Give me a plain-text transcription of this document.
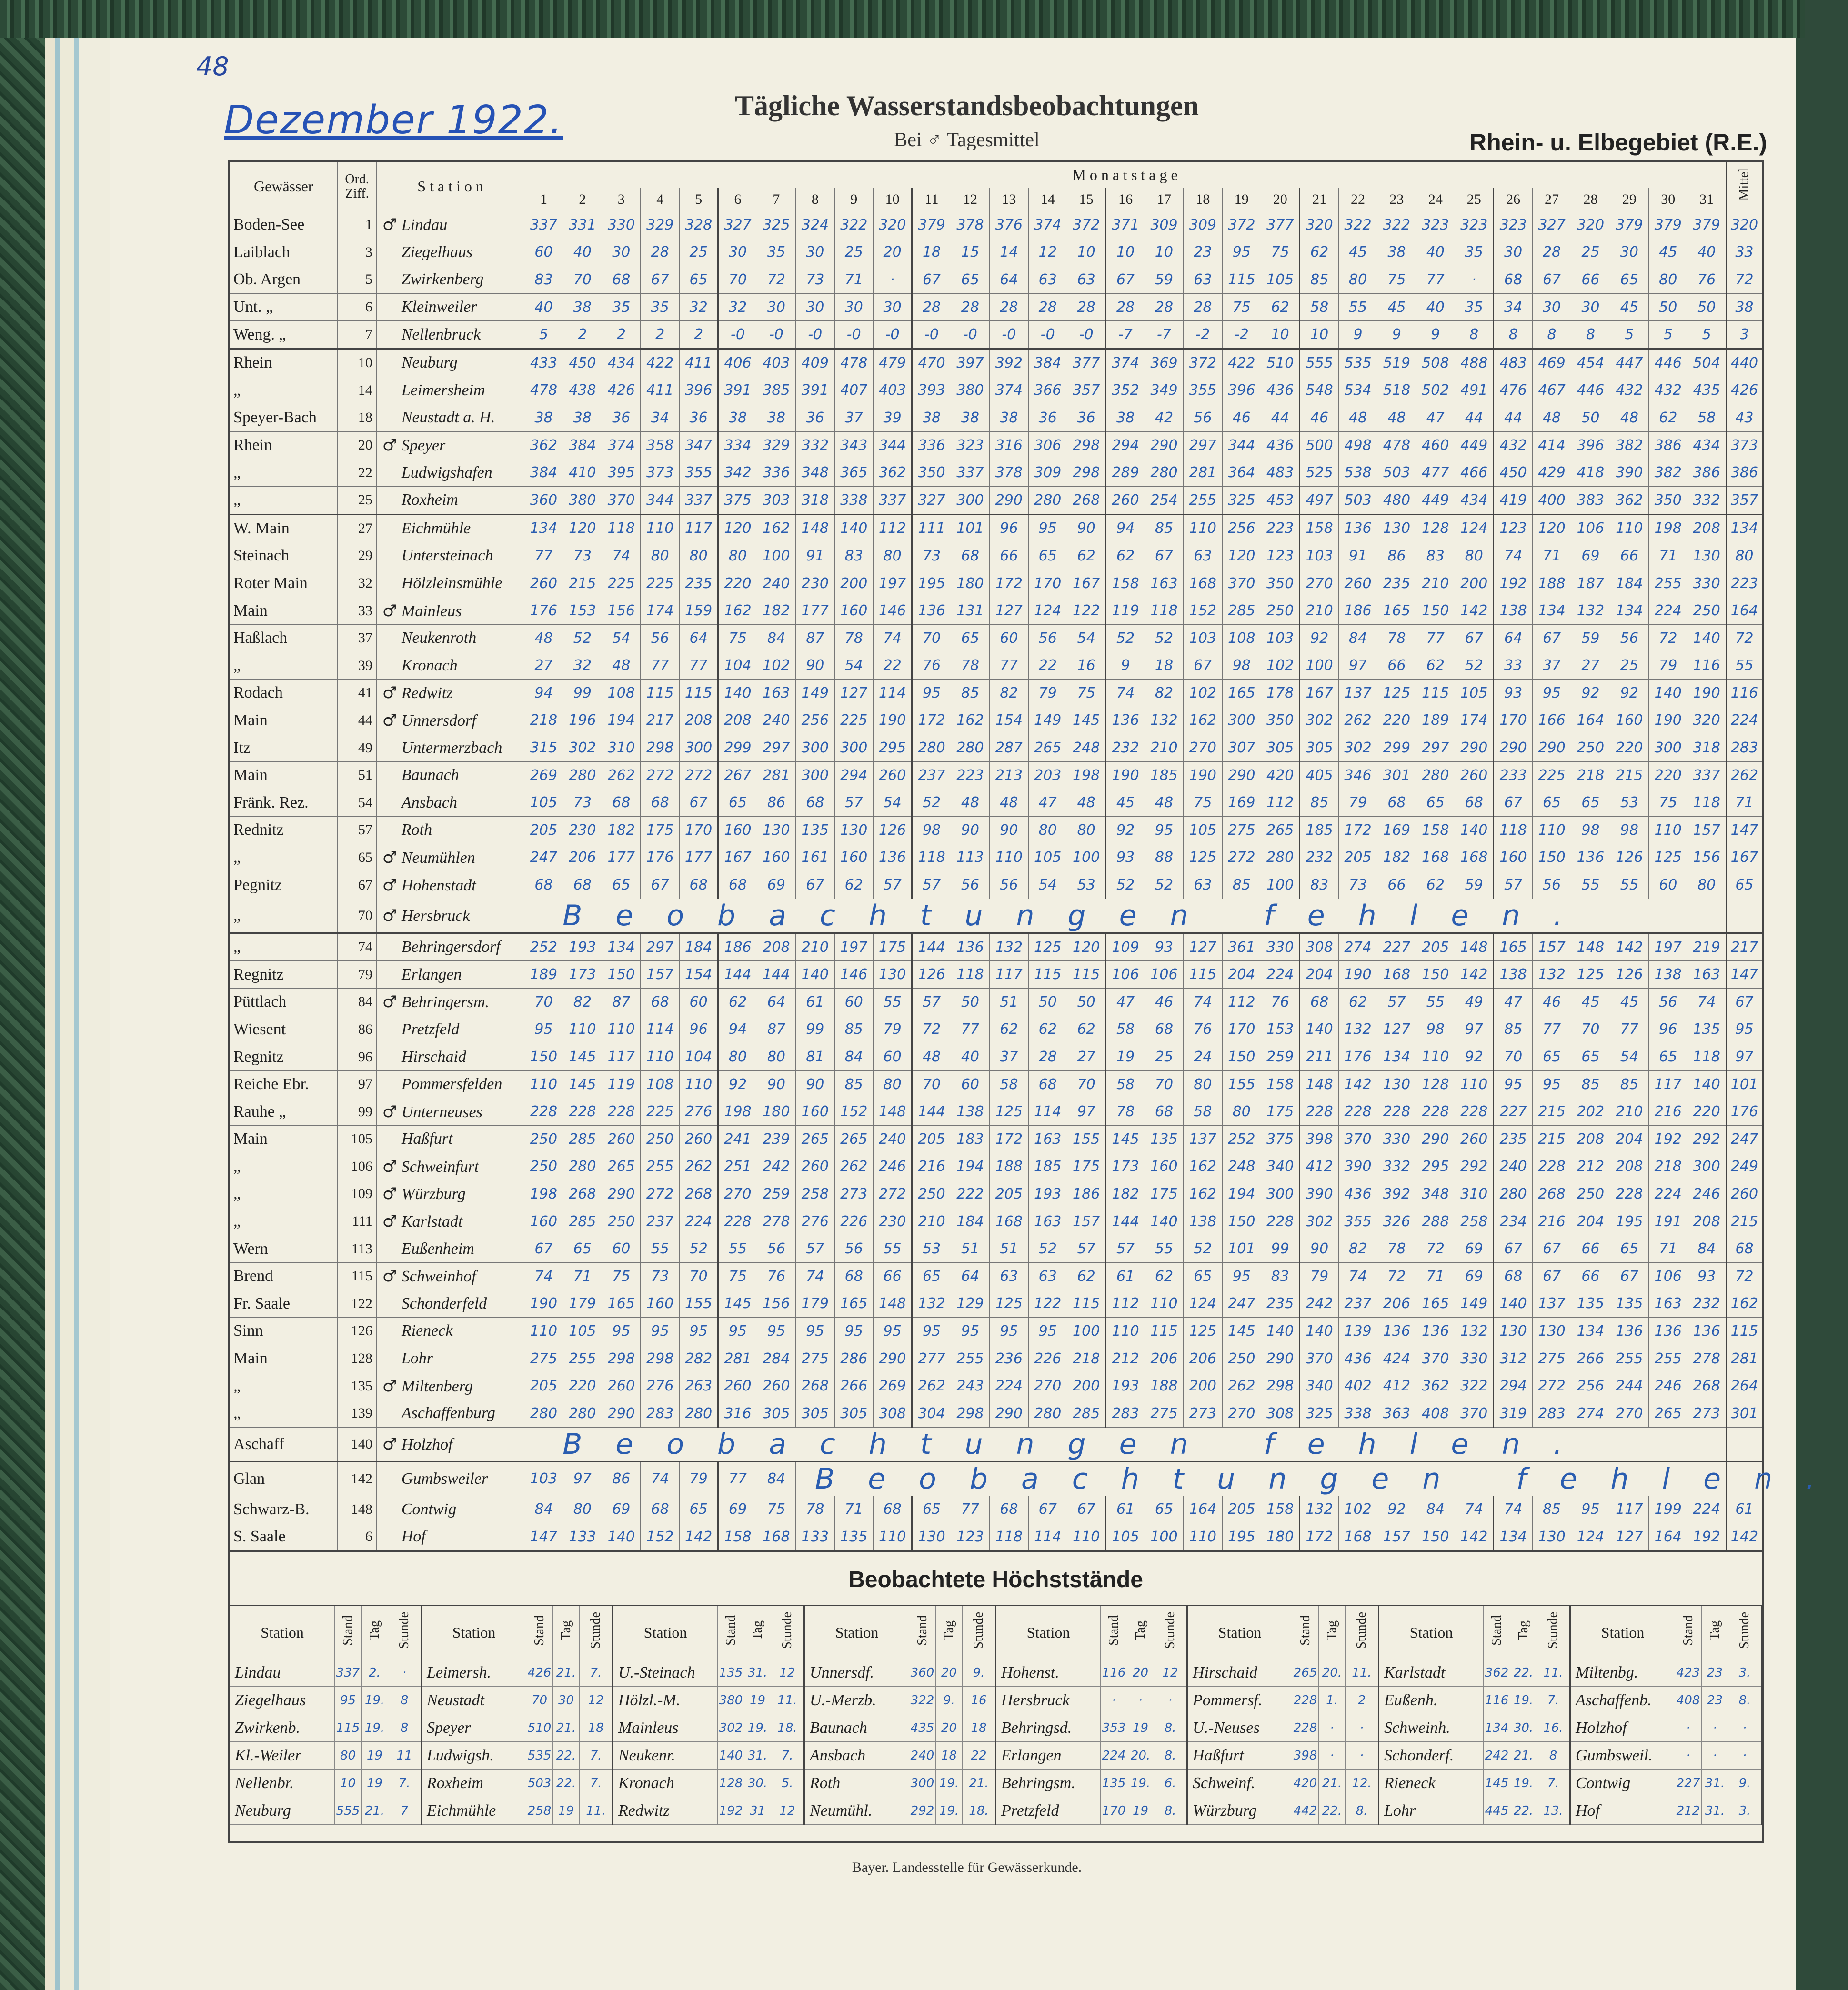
48
Dezember 1922.	Tägliche Wasserstandsbeobachtungen
Bei ♂ Tagesmittel	Rhein- u. Elbegebiet (R.E.)
Gewässer	Ord. Ziff.	S t a t i o n	M o n a t s t a g e																															Mittel
			1	2	3	4	5	6	7	8	9	10	11	12	13	14	15	16	17	18	19	20	21	22	23	24	25	26	27	28	29	30	31	
Boden-See	1	♂ Lindau	337	331	330	329	328	327	325	324	322	320	379	378	376	374	372	371	309	309	372	377	320	322	322	323	323	323	327	320	379	379	379	320
Laiblach	3	Ziegelhaus	60	40	30	28	25	30	35	30	25	20	18	15	14	12	10	10	10	23	95	75	62	45	38	40	35	30	28	25	30	45	40	33
Ob. Argen	5	Zwirkenberg	83	70	68	67	65	70	72	73	71	·	67	65	64	63	63	67	59	63	115	105	85	80	75	77	·	68	67	66	65	80	76	72
Unt. „	6	Kleinweiler	40	38	35	35	32	32	30	30	30	30	28	28	28	28	28	28	28	28	75	62	58	55	45	40	35	34	30	30	45	50	50	38
Weng. „	7	Nellenbruck	5	2	2	2	2	-0	-0	-0	-0	-0	-0	-0	-0	-0	-0	-7	-7	-2	-2	10	10	9	9	9	8	8	8	8	5	5	5	3
Rhein	10	Neuburg	433	450	434	422	411	406	403	409	478	479	470	397	392	384	377	374	369	372	422	510	555	535	519	508	488	483	469	454	447	446	504	440
„	14	Leimersheim	478	438	426	411	396	391	385	391	407	403	393	380	374	366	357	352	349	355	396	436	548	534	518	502	491	476	467	446	432	432	435	426
Speyer-Bach	18	Neustadt a. H.	38	38	36	34	36	38	38	36	37	39	38	38	38	36	36	38	42	56	46	44	46	48	48	47	44	44	48	50	48	62	58	43
Rhein	20	♂ Speyer	362	384	374	358	347	334	329	332	343	344	336	323	316	306	298	294	290	297	344	436	500	498	478	460	449	432	414	396	382	386	434	373
„	22	Ludwigshafen	384	410	395	373	355	342	336	348	365	362	350	337	378	309	298	289	280	281	364	483	525	538	503	477	466	450	429	418	390	382	386	386
„	25	Roxheim	360	380	370	344	337	375	303	318	338	337	327	300	290	280	268	260	254	255	325	453	497	503	480	449	434	419	400	383	362	350	332	357
W. Main	27	Eichmühle	134	120	118	110	117	120	162	148	140	112	111	101	96	95	90	94	85	110	256	223	158	136	130	128	124	123	120	106	110	198	208	134
Steinach	29	Untersteinach	77	73	74	80	80	80	100	91	83	80	73	68	66	65	62	62	67	63	120	123	103	91	86	83	80	74	71	69	66	71	130	80
Roter Main	32	Hölzleinsmühle	260	215	225	225	235	220	240	230	200	197	195	180	172	170	167	158	163	168	370	350	270	260	235	210	200	192	188	187	184	255	330	223
Main	33	♂ Mainleus	176	153	156	174	159	162	182	177	160	146	136	131	127	124	122	119	118	152	285	250	210	186	165	150	142	138	134	132	134	224	250	164
Haßlach	37	Neukenroth	48	52	54	56	64	75	84	87	78	74	70	65	60	56	54	52	52	103	108	103	92	84	78	77	67	64	67	59	56	72	140	72
„	39	Kronach	27	32	48	77	77	104	102	90	54	22	76	78	77	22	16	9	18	67	98	102	100	97	66	62	52	33	37	27	25	79	116	55
Rodach	41	♂ Redwitz	94	99	108	115	115	140	163	149	127	114	95	85	82	79	75	74	82	102	165	178	167	137	125	115	105	93	95	92	92	140	190	116
Main	44	♂ Unnersdorf	218	196	194	217	208	208	240	256	225	190	172	162	154	149	145	136	132	162	300	350	302	262	220	189	174	170	166	164	160	190	320	224
Itz	49	Untermerzbach	315	302	310	298	300	299	297	300	300	295	280	280	287	265	248	232	210	270	307	305	305	302	299	297	290	290	290	250	220	300	318	283
Main	51	Baunach	269	280	262	272	272	267	281	300	294	260	237	223	213	203	198	190	185	190	290	420	405	346	301	280	260	233	225	218	215	220	337	262
Fränk. Rez.	54	Ansbach	105	73	68	68	67	65	86	68	57	54	52	48	48	47	48	45	48	75	169	112	85	79	68	65	68	67	65	65	53	75	118	71
Rednitz	57	Roth	205	230	182	175	170	160	130	135	130	126	98	90	90	80	80	92	95	105	275	265	185	172	169	158	140	118	110	98	98	110	157	147
„	65	♂ Neumühlen	247	206	177	176	177	167	160	161	160	136	118	113	110	105	100	93	88	125	272	280	232	205	182	168	168	160	150	136	126	125	156	167
Pegnitz	67	♂ Hohenstadt	68	68	65	67	68	68	69	67	62	57	57	56	56	54	53	52	52	63	85	100	83	73	66	62	59	57	56	55	55	60	80	65
„	70	♂ Hersbruck	Beobachtungen fehlen.																															
„	74	Behringersdorf	252	193	134	297	184	186	208	210	197	175	144	136	132	125	120	109	93	127	361	330	308	274	227	205	148	165	157	148	142	197	219	217
Regnitz	79	Erlangen	189	173	150	157	154	144	144	140	146	130	126	118	117	115	115	106	106	115	204	224	204	190	168	150	142	138	132	125	126	138	163	147
Püttlach	84	♂ Behringersm.	70	82	87	68	60	62	64	61	60	55	57	50	51	50	50	47	46	74	112	76	68	62	57	55	49	47	46	45	45	56	74	67
Wiesent	86	Pretzfeld	95	110	110	114	96	94	87	99	85	79	72	77	62	62	62	58	68	76	170	153	140	132	127	98	97	85	77	70	77	96	135	95
Regnitz	96	Hirschaid	150	145	117	110	104	80	80	81	84	60	48	40	37	28	27	19	25	24	150	259	211	176	134	110	92	70	65	65	54	65	118	97
Reiche Ebr.	97	Pommersfelden	110	145	119	108	110	92	90	90	85	80	70	60	58	68	70	58	70	80	155	158	148	142	130	128	110	95	95	85	85	117	140	101
Rauhe „	99	♂ Unterneuses	228	228	228	225	276	198	180	160	152	148	144	138	125	114	97	78	68	58	80	175	228	228	228	228	228	227	215	202	210	216	220	176
Main	105	Haßfurt	250	285	260	250	260	241	239	265	265	240	205	183	172	163	155	145	135	137	252	375	398	370	330	290	260	235	215	208	204	192	292	247
„	106	♂ Schweinfurt	250	280	265	255	262	251	242	260	262	246	216	194	188	185	175	173	160	162	248	340	412	390	332	295	292	240	228	212	208	218	300	249
„	109	♂ Würzburg	198	268	290	272	268	270	259	258	273	272	250	222	205	193	186	182	175	162	194	300	390	436	392	348	310	280	268	250	228	224	246	260
„	111	♂ Karlstadt	160	285	250	237	224	228	278	276	226	230	210	184	168	163	157	144	140	138	150	228	302	355	326	288	258	234	216	204	195	191	208	215
Wern	113	Eußenheim	67	65	60	55	52	55	56	57	56	55	53	51	51	52	57	57	55	52	101	99	90	82	78	72	69	67	67	66	65	71	84	68
Brend	115	♂ Schweinhof	74	71	75	73	70	75	76	74	68	66	65	64	63	63	62	61	62	65	95	83	79	74	72	71	69	68	67	66	67	106	93	72
Fr. Saale	122	Schonderfeld	190	179	165	160	155	145	156	179	165	148	132	129	125	122	115	112	110	124	247	235	242	237	206	165	149	140	137	135	135	163	232	162
Sinn	126	Rieneck	110	105	95	95	95	95	95	95	95	95	95	95	95	95	100	110	115	125	145	140	140	139	136	136	132	130	130	134	136	136	136	115
Main	128	Lohr	275	255	298	298	282	281	284	275	286	290	277	255	236	226	218	212	206	206	250	290	370	436	424	370	330	312	275	266	255	255	278	281
„	135	♂ Miltenberg	205	220	260	276	263	260	260	268	266	269	262	243	224	270	200	193	188	200	262	298	340	402	412	362	322	294	272	256	244	246	268	264
„	139	Aschaffenburg	280	280	290	283	280	316	305	305	305	308	304	298	290	280	285	283	275	273	270	308	325	338	363	408	370	319	283	274	270	265	273	301
Aschaff	140	♂ Holzhof	Beobachtungen fehlen.																															
Glan	142	Gumbsweiler	103	97	86	74	79	77	84	Beobachtungen fehlen.																								
Schwarz-B.	148	Contwig	84	80	69	68	65	69	75	78	71	68	65	77	68	67	67	61	65	164	205	158	132	102	92	84	74	74	85	95	117	199	224	61
S. Saale	6	Hof	147	133	140	152	142	158	168	133	135	110	130	123	118	114	110	105	100	110	195	180	172	168	157	150	142	134	130	124	127	164	192	142
Beobachtete Höchststände
Station	Stand	Tag	Stunde	Station	Stand	Tag	Stunde	Station	Stand	Tag	Stunde	Station	Stand	Tag	Stunde	Station	Stand	Tag	Stunde	Station	Stand	Tag	Stunde	Station	Stand	Tag	Stunde	Station	Stand	Tag	Stunde
Lindau	337	2.	·	Leimersh.	426	21.	7.	U.-Steinach	135	31.	12	Unnersdf.	360	20	9.	Hohenst.	116	20	12	Hirschaid	265	20.	11.	Karlstadt	362	22.	11.	Miltenbg.	423	23	3.
Ziegelhaus	95	19.	8	Neustadt	70	30	12	Hölzl.-M.	380	19	11.	U.-Merzb.	322	9.	16	Hersbruck	·	·	·	Pommersf.	228	1.	2	Eußenh.	116	19.	7.	Aschaffenb.	408	23	8.
Zwirkenb.	115	19.	8	Speyer	510	21.	18	Mainleus	302	19.	18.	Baunach	435	20	18	Behringsd.	353	19	8.	U.-Neuses	228	·	·	Schweinh.	134	30.	16.	Holzhof	·	·	·
Kl.-Weiler	80	19	11	Ludwigsh.	535	22.	7.	Neukenr.	140	31.	7.	Ansbach	240	18	22	Erlangen	224	20.	8.	Haßfurt	398	·	·	Schonderf.	242	21.	8	Gumbsweil.	·	·	·
Nellenbr.	10	19	7.	Roxheim	503	22.	7.	Kronach	128	30.	5.	Roth	300	19.	21.	Behringsm.	135	19.	6.	Schweinf.	420	21.	12.	Rieneck	145	19.	7.	Contwig	227	31.	9.
Neuburg	555	21.	7	Eichmühle	258	19	11.	Redwitz	192	31	12	Neumühl.	292	19.	18.	Pretzfeld	170	19	8.	Würzburg	442	22.	8.	Lohr	445	22.	13.	Hof	212	31.	3.
Bayer. Landesstelle für Gewässerkunde.
